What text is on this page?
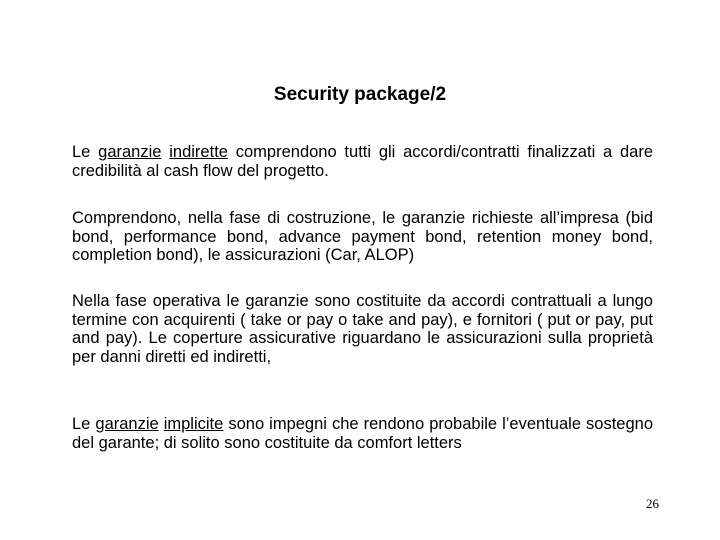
Security package/2
Le garanzie indirette comprendono tutti gli accordi/contratti finalizzati a dare credibilità al cash flow del progetto.
Comprendono, nella fase di costruzione, le garanzie richieste all’impresa (bid bond, performance bond, advance payment bond, retention money bond, completion bond), le assicurazioni (Car, ALOP)
Nella fase operativa le garanzie sono costituite da accordi contrattuali a lungo termine con acquirenti ( take or pay o take and pay), e fornitori ( put or pay, put and pay). Le coperture assicurative riguardano le assicurazioni sulla proprietà per danni diretti ed indiretti,
Le garanzie implicite sono impegni che rendono probabile l’eventuale sostegno del garante; di solito sono costituite da comfort letters
26
